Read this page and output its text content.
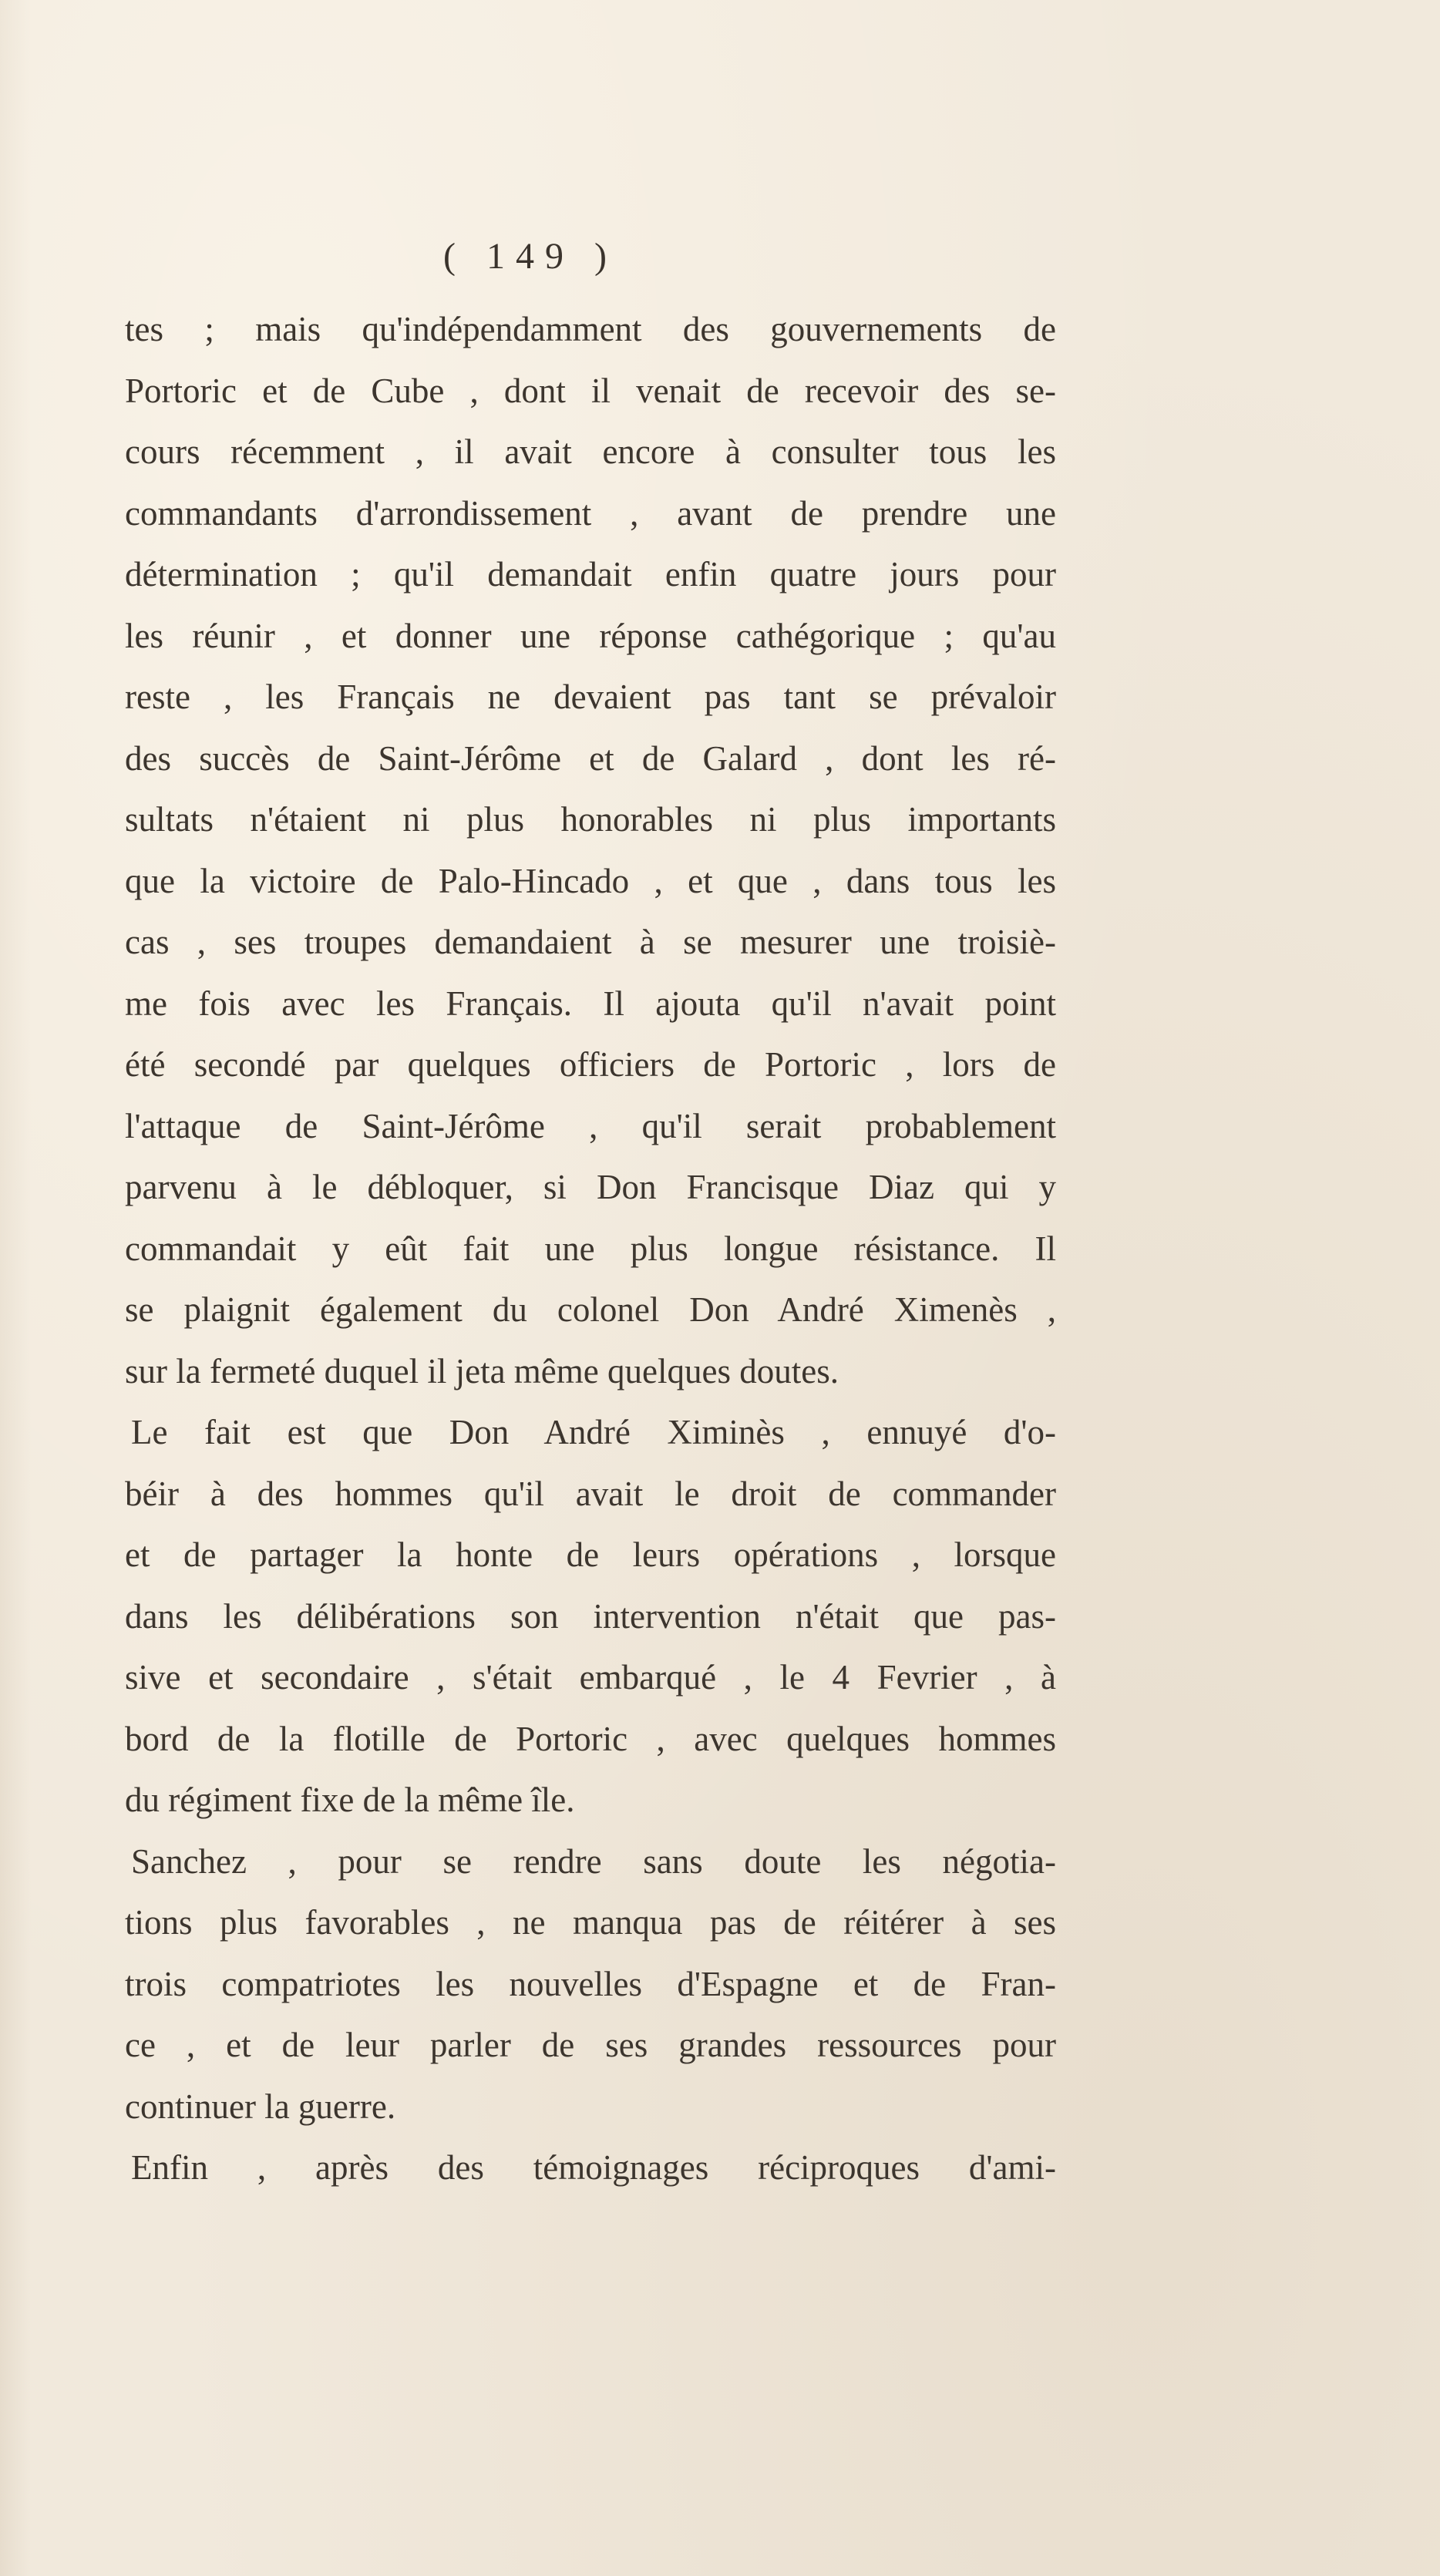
( 149 )
tes ; mais qu'indépendamment des gouvernements de
Portoric et de Cube , dont il venait de recevoir des se-
cours récemment , il avait encore à consulter tous les
commandants d'arrondissement , avant de prendre une
détermination ; qu'il demandait enfin quatre jours pour
les réunir , et donner une réponse cathégorique ; qu'au
reste , les Français ne devaient pas tant se prévaloir
des succès de Saint-Jérôme et de Galard , dont les ré-
sultats n'étaient ni plus honorables ni plus importants
que la victoire de Palo-Hincado , et que , dans tous les
cas , ses troupes demandaient à se mesurer une troisiè-
me fois avec les Français. Il ajouta qu'il n'avait point
été secondé par quelques officiers de Portoric , lors de
l'attaque de Saint-Jérôme , qu'il serait probablement
parvenu à le débloquer, si Don Francisque Diaz qui y
commandait y eût fait une plus longue résistance. Il
se plaignit également du colonel Don André Ximenès ,
sur la fermeté duquel il jeta même quelques doutes.
Le fait est que Don André Ximinès , ennuyé d'o-
béir à des hommes qu'il avait le droit de commander
et de partager la honte de leurs opérations , lorsque
dans les délibérations son intervention n'était que pas-
sive et secondaire , s'était embarqué , le 4 Fevrier , à
bord de la flotille de Portoric , avec quelques hommes
du régiment fixe de la même île.
Sanchez , pour se rendre sans doute les négotia-
tions plus favorables , ne manqua pas de réitérer à ses
trois compatriotes les nouvelles d'Espagne et de Fran-
ce , et de leur parler de ses grandes ressources pour
continuer la guerre.
Enfin , après des témoignages réciproques d'ami-
